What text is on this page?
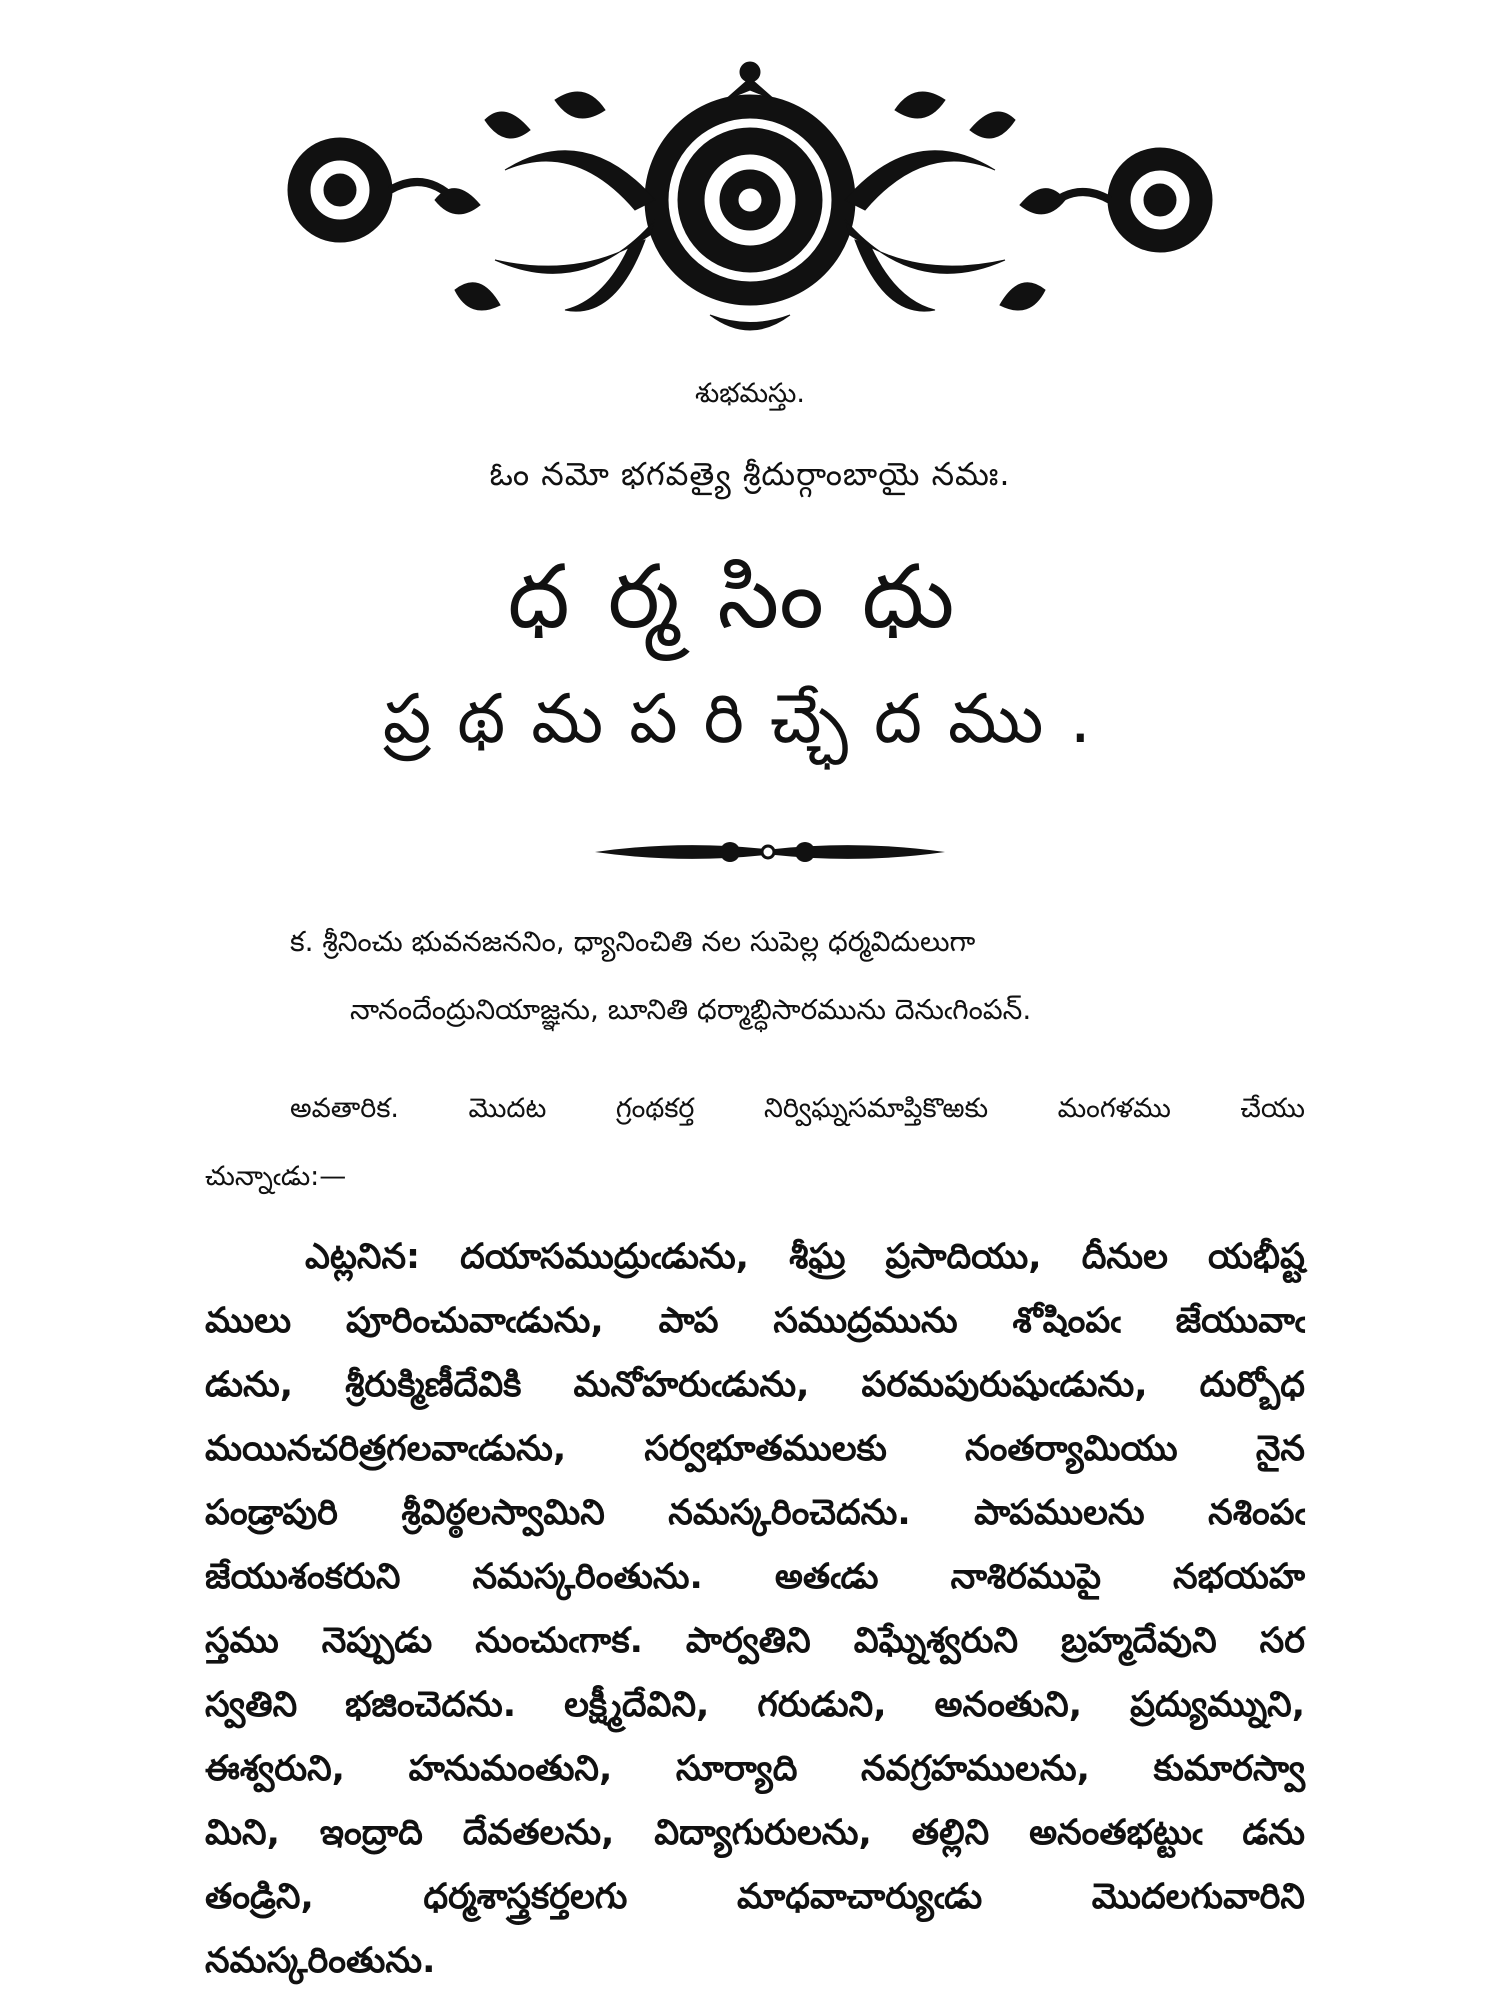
శుభమస్తు.
ఓం నమో భగవత్యై శ్రీదుర్గాంబాయై నమః.
ధర్మసింధు
ప్రథమపరిచ్ఛేదము.
క. శ్రీనించు భువనజననిం, ధ్యానించితి నల సుపెల్ల ధర్మవిదులుగా
నానందేంద్రునియాజ్ఞను, బూనితి ధర్మాబ్ధిసారమును దెనుఁగింపన్.
అవతారిక. మొదట గ్రంథకర్త నిర్విఘ్నసమాప్తికొఱకు మంగళము చేయు
చున్నాఁడు:—
ఎట్లనిన: దయాసముద్రుఁడును, శీఘ్ర ప్రసాదియు, దీనుల యభీష్ట
ములు పూరించువాఁడును, పాప సముద్రమును శోషింపఁ జేయువాఁ
డును, శ్రీరుక్మిణీదేవికి మనోహరుఁడును, పరమపురుషుఁడును, దుర్బోధ
మయినచరిత్రగలవాఁడును, సర్వభూతములకు నంతర్యామియు నైన
పండ్రాపురి శ్రీవిఠ్ఠలస్వామిని నమస్కరించెదను. పాపములను నశింపఁ
జేయుశంకరుని నమస్కరింతును. అతఁడు నాశిరముపై నభయహ
స్తము నెప్పుడు నుంచుఁగాక. పార్వతిని విఘ్నేశ్వరుని బ్రహ్మదేవుని సర
స్వతిని భజించెదను. లక్ష్మీదేవిని, గరుడుని, అనంతుని, ప్రద్యుమ్నుని,
ఈశ్వరుని, హనుమంతుని, సూర్యాది నవగ్రహములను, కుమారస్వా
మిని, ఇంద్రాది దేవతలను, విద్యాగురులను, తల్లిని అనంతభట్టుఁ డను
తండ్రిని, ధర్మశాస్త్రకర్తలగు మాధవాచార్యుఁడు మొదలగువారిని
నమస్కరింతును.
